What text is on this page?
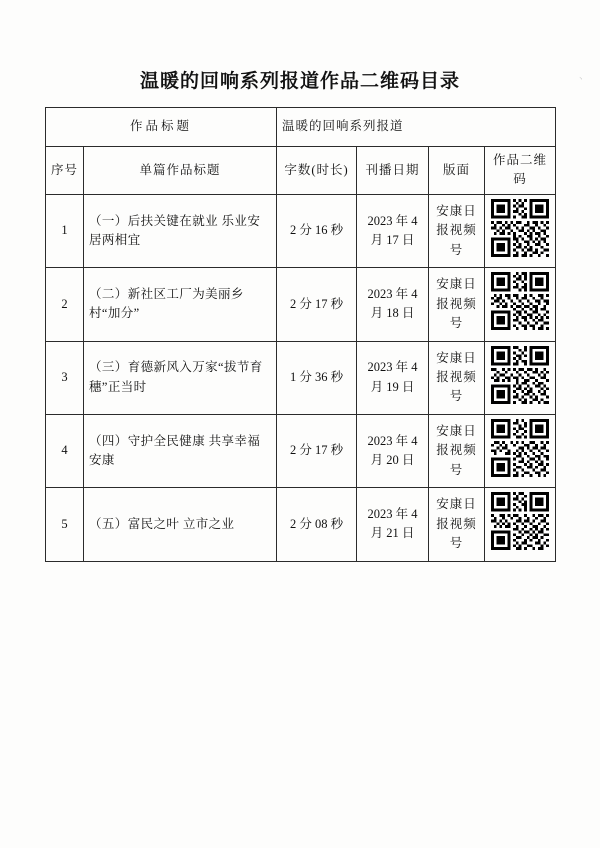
温暖的回响系列报道作品二维码目录	丶
作品标题		温暖的回响系列报道			
序号	单篇作品标题	字数(时长)	刊播日期	版面	作品二维码
1	（一）后扶关键在就业 乐业安居两相宜	2 分 16 秒	2023 年 4 月 17 日	安康日报视频号	
2	（二）新社区工厂为美丽乡村“加分”	2 分 17 秒	2023 年 4 月 18 日	安康日报视频号	
3	（三）育德新风入万家“拔节育穗”正当时	1 分 36 秒	2023 年 4 月 19 日	安康日报视频号	
4	（四）守护全民健康 共享幸福安康	2 分 17 秒	2023 年 4 月 20 日	安康日报视频号	
5	（五）富民之叶 立市之业	2 分 08 秒	2023 年 4 月 21 日	安康日报视频号	
